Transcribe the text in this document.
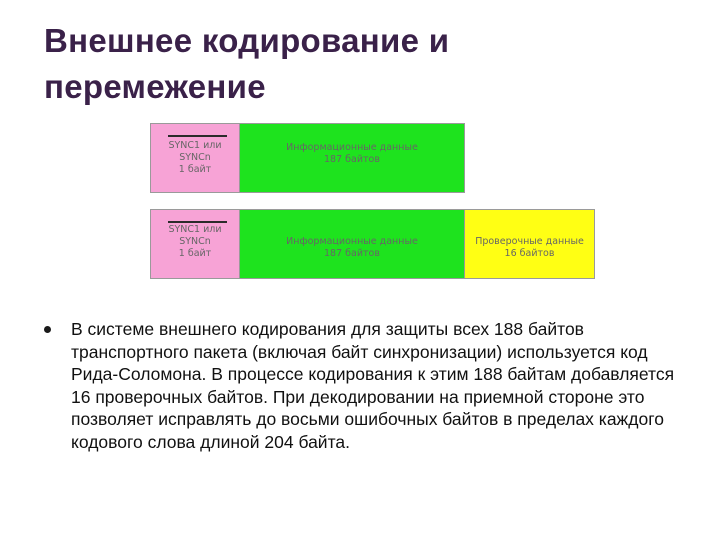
Внешнее кодирование и
перемежение
SYNC1 или
SYNCn
1 байт
Информационные данные
187 байтов
SYNC1 или
SYNCn
1 байт
Информационные данные
187 байтов
Проверочные данные
16 байтов

В системе внешнего кодирования для защиты всех 188 байтов транспортного пакета (включая байт синхронизации) используется код Рида-Соломона. В процессе кодирования к этим 188 байтам добавляется 16 проверочных байтов. При декодировании на приемной стороне это позволяет исправлять до восьми ошибочных байтов в пределах каждого кодового слова длиной 204 байта.
